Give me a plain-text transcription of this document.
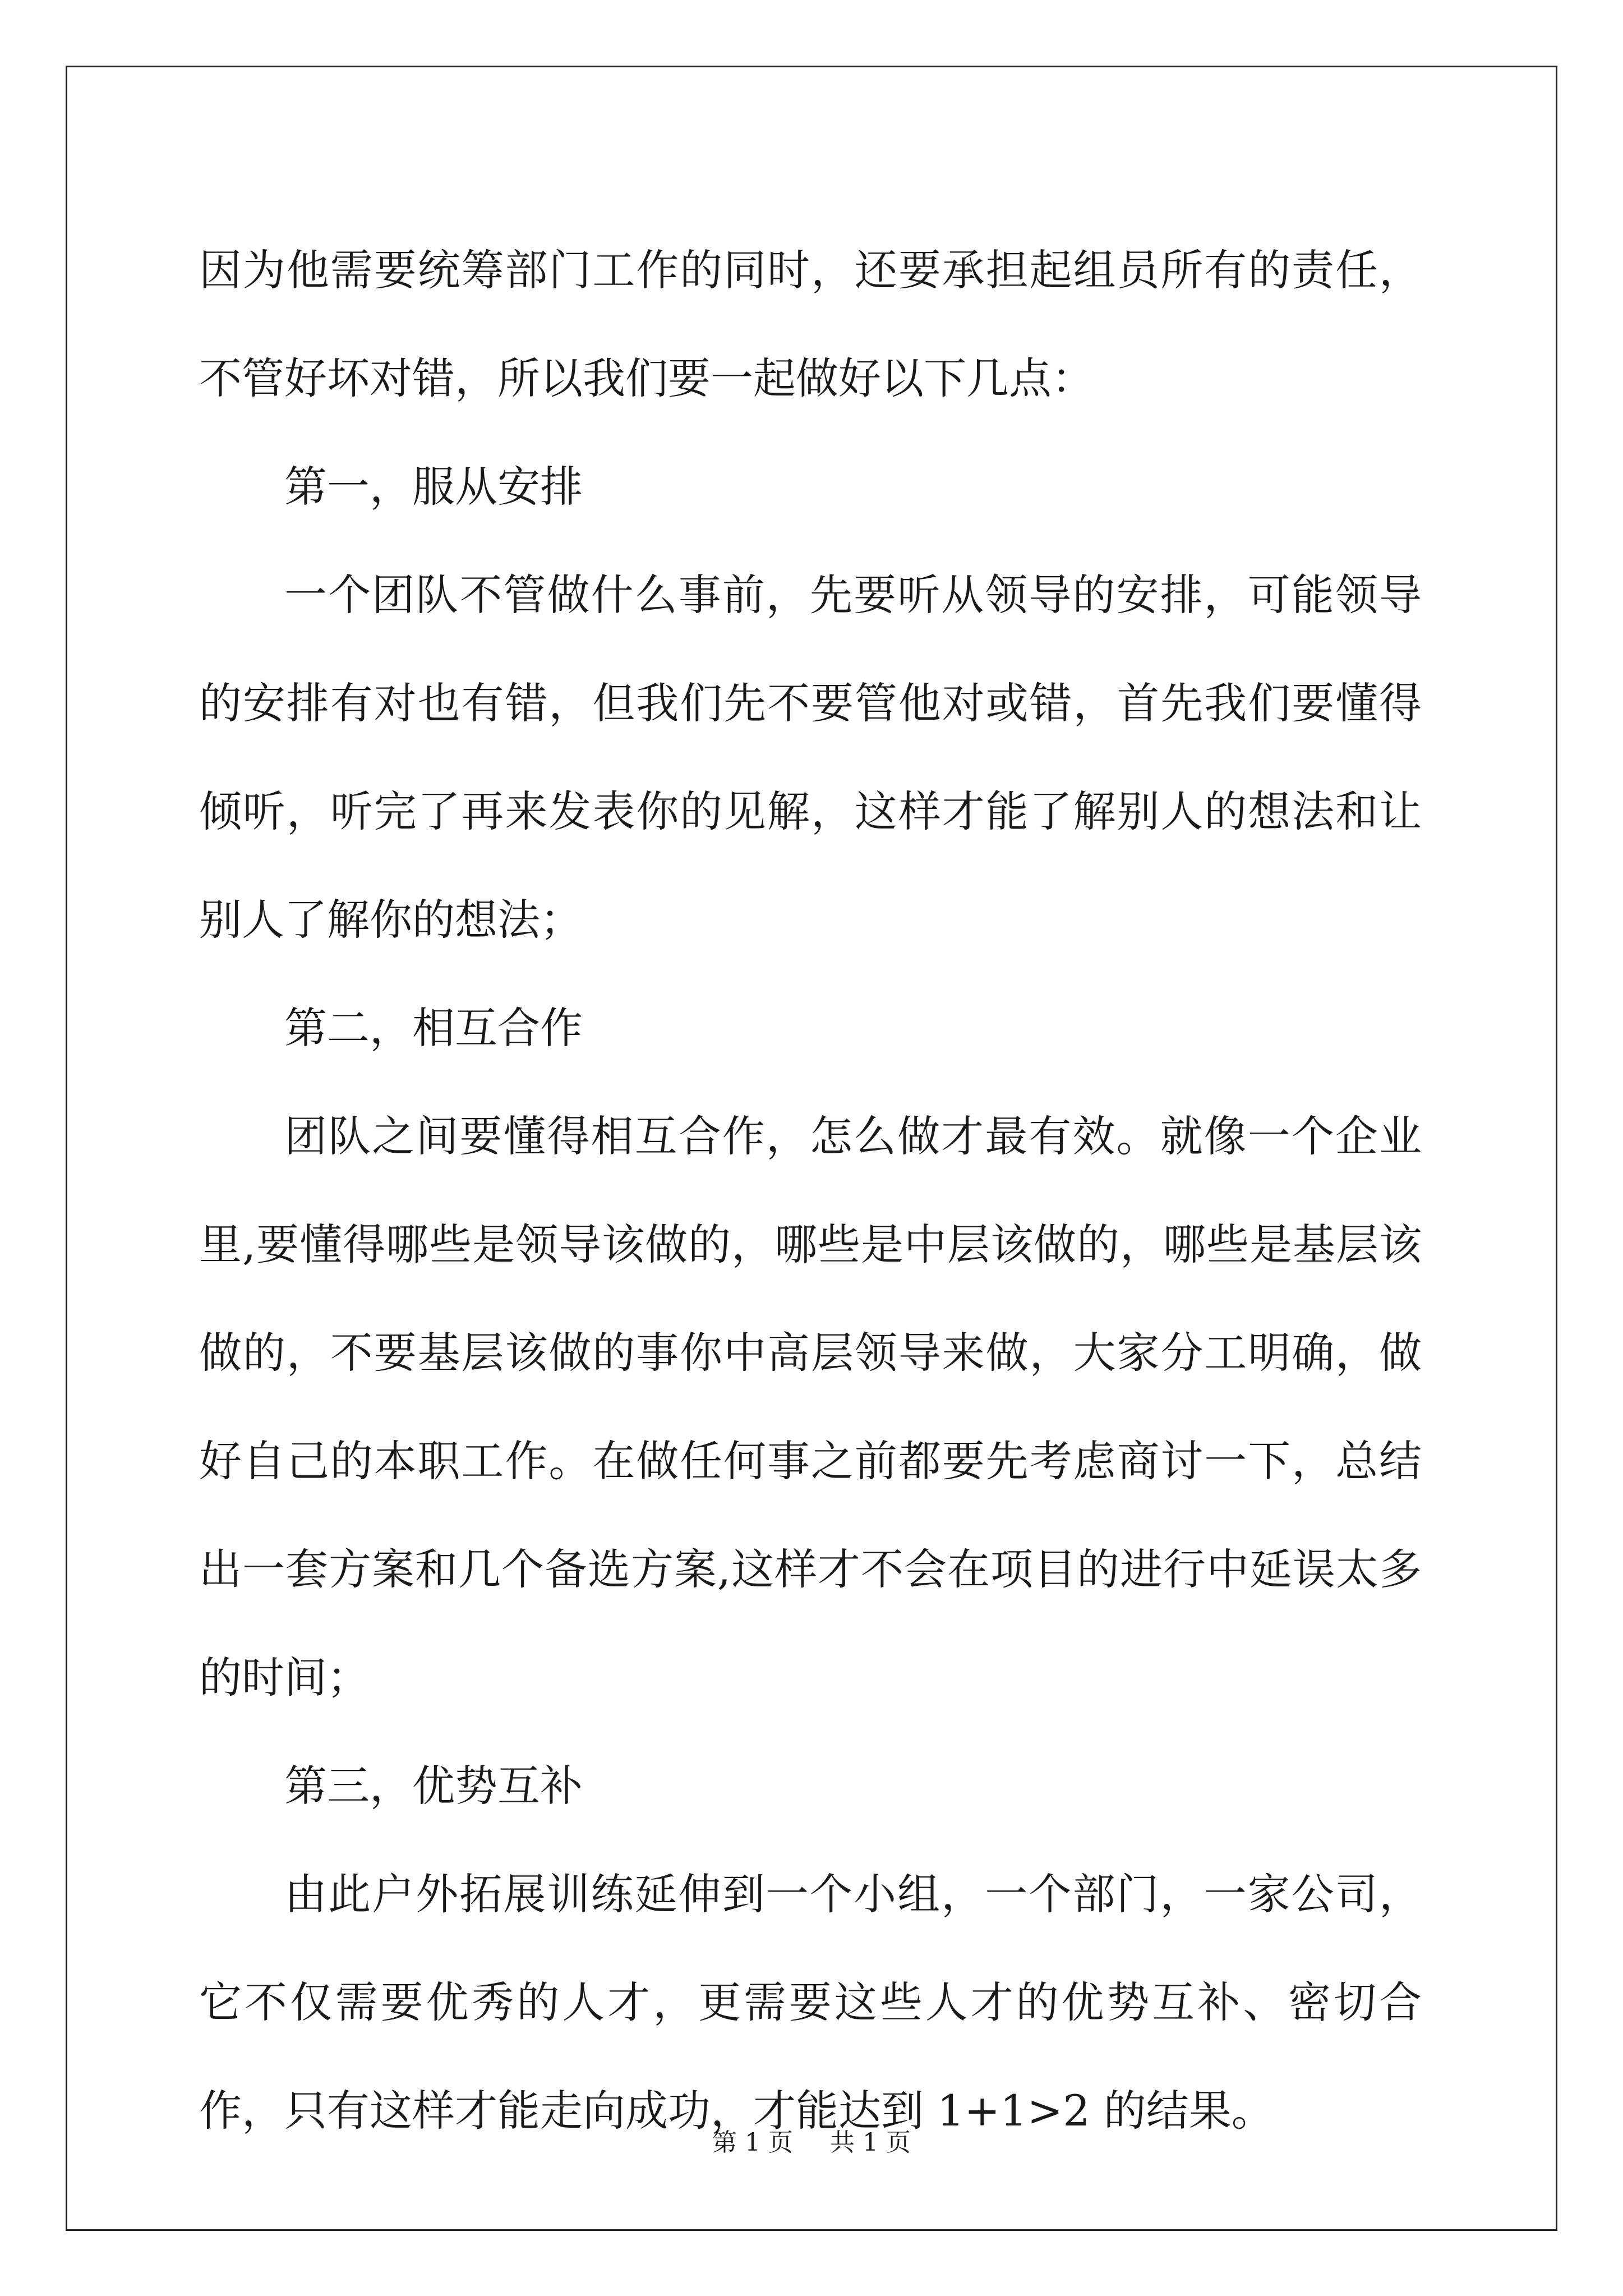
因为他需要统筹部门工作的同时，还要承担起组员所有的责任，不管好坏对错，所以我们要一起做好以下几点：

第一，服从安排

一个团队不管做什么事前，先要听从领导的安排，可能领导的安排有对也有错，但我们先不要管他对或错，首先我们要懂得倾听，听完了再来发表你的见解，这样才能了解别人的想法和让别人了解你的想法；

第二，相互合作

团队之间要懂得相互合作，怎么做才最有效。就像一个企业里,要懂得哪些是领导该做的，哪些是中层该做的，哪些是基层该做的，不要基层该做的事你中高层领导来做，大家分工明确，做好自己的本职工作。在做任何事之前都要先考虑商讨一下，总结出一套方案和几个备选方案,这样才不会在项目的进行中延误太多的时间；

第三，优势互补

由此户外拓展训练延伸到一个小组，一个部门，一家公司，它不仅需要优秀的人才，更需要这些人才的优势互补、密切合作，只有这样才能走向成功，才能达到 1+1>2 的结果。

第 1 页 共 1 页
